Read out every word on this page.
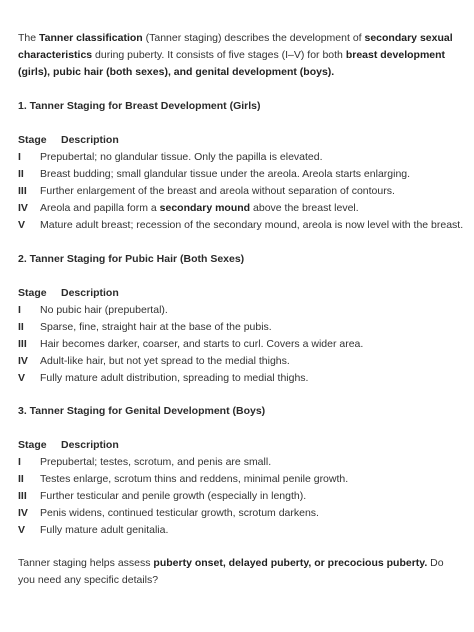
The Tanner classification (Tanner staging) describes the development of secondary sexual characteristics during puberty. It consists of five stages (I–V) for both breast development (girls), pubic hair (both sexes), and genital development (boys).

1. Tanner Staging for Breast Development (Girls)
Stage Description
I Prepubertal; no glandular tissue. Only the papilla is elevated.
II Breast budding; small glandular tissue under the areola. Areola starts enlarging.
III Further enlargement of the breast and areola without separation of contours.
IV Areola and papilla form a secondary mound above the breast level.
V Mature adult breast; recession of the secondary mound, areola is now level with the breast.
2. Tanner Staging for Pubic Hair (Both Sexes)
Stage Description
I No pubic hair (prepubertal).
II Sparse, fine, straight hair at the base of the pubis.
III Hair becomes darker, coarser, and starts to curl. Covers a wider area.
IV Adult-like hair, but not yet spread to the medial thighs.
V Fully mature adult distribution, spreading to medial thighs.
3. Tanner Staging for Genital Development (Boys)
Stage Description
I Prepubertal; testes, scrotum, and penis are small.
II Testes enlarge, scrotum thins and reddens, minimal penile growth.
III Further testicular and penile growth (especially in length).
IV Penis widens, continued testicular growth, scrotum darkens.
V Fully mature adult genitalia.

Tanner staging helps assess puberty onset, delayed puberty, or precocious puberty. Do you need any specific details?
